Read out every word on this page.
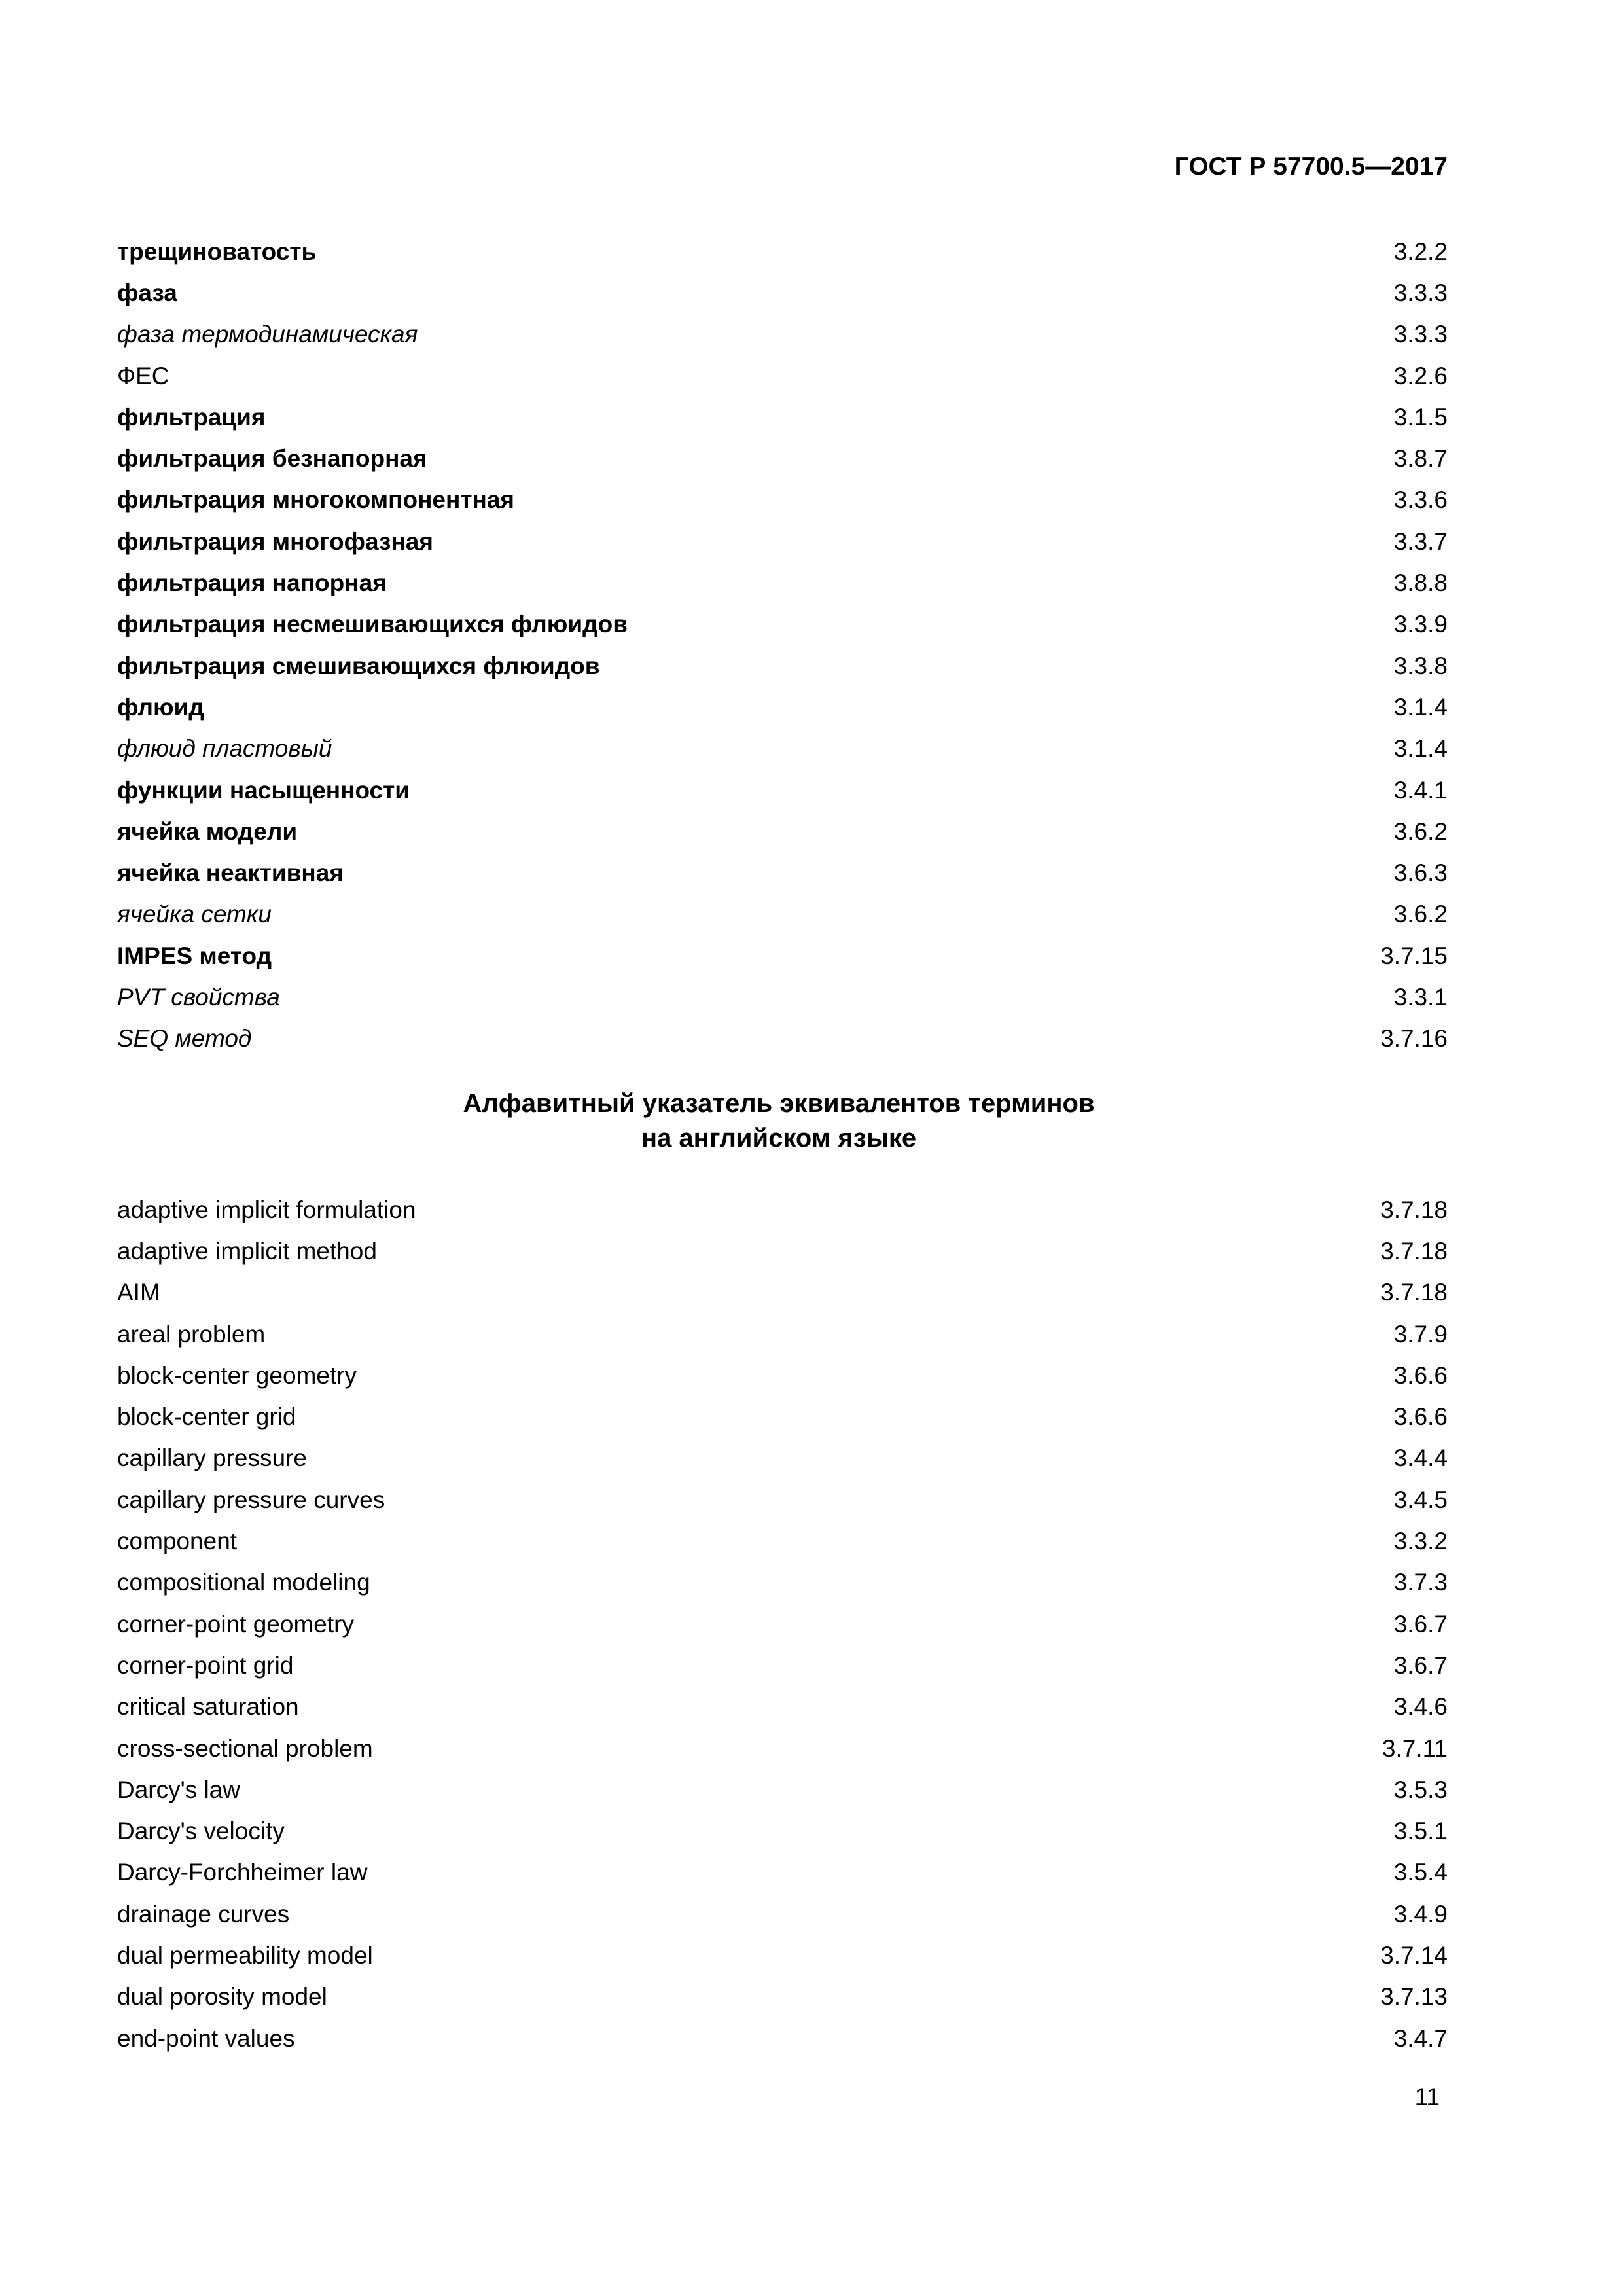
ГОСТ Р 57700.5—2017
трещиноватость	3.2.2
фаза	3.3.3
фаза термодинамическая	3.3.3
ФЕС	3.2.6
фильтрация	3.1.5
фильтрация безнапорная	3.8.7
фильтрация многокомпонентная	3.3.6
фильтрация многофазная	3.3.7
фильтрация напорная	3.8.8
фильтрация несмешивающихся флюидов	3.3.9
фильтрация смешивающихся флюидов	3.3.8
флюид	3.1.4
флюид пластовый	3.1.4
функции насыщенности	3.4.1
ячейка модели	3.6.2
ячейка неактивная	3.6.3
ячейка сетки	3.6.2
IMPES метод	3.7.15
PVT свойства	3.3.1
SEQ метод	3.7.16
Алфавитный указатель эквивалентов терминов
на английском языке
adaptive implicit formulation	3.7.18
adaptive implicit method	3.7.18
AIM	3.7.18
areal problem	3.7.9
block-center geometry	3.6.6
block-center grid	3.6.6
capillary pressure	3.4.4
capillary pressure curves	3.4.5
component	3.3.2
compositional modeling	3.7.3
corner-point geometry	3.6.7
corner-point grid	3.6.7
critical saturation	3.4.6
cross-sectional problem	3.7.11
Darcy's law	3.5.3
Darcy's velocity	3.5.1
Darcy-Forchheimer law	3.5.4
drainage curves	3.4.9
dual permeability model	3.7.14
dual porosity model	3.7.13
end-point values	3.4.7
11
